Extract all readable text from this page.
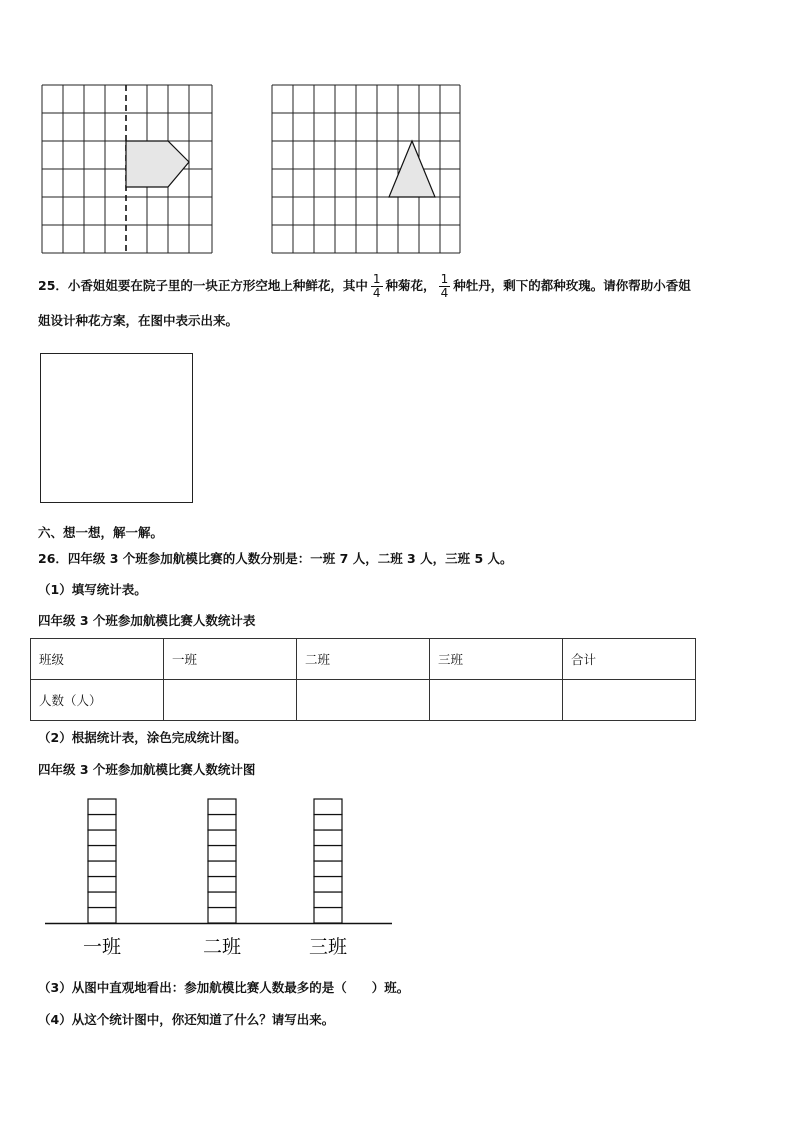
25．小香姐姐要在院子里的一块正方形空地上种鲜花，其中 $\frac{1}{4}$ 种菊花， $\frac{1}{4}$ 种牡丹，剩下的都种玫瑰。请你帮助小香姐
姐设计种花方案，在图中表示出来。
六、想一想，解一解。
26．四年级 3 个班参加航模比赛的人数分别是：一班 7 人，二班 3 人，三班 5 人。
（1）填写统计表。
四年级 3 个班参加航模比赛人数统计表
班级	一班	二班	三班	合计
人数（人）				
（2）根据统计表，涂色完成统计图。
四年级 3 个班参加航模比赛人数统计图
一班	二班	三班
（3）从图中直观地看出：参加航模比赛人数最多的是（　　）班。
（4）从这个统计图中，你还知道了什么？请写出来。
